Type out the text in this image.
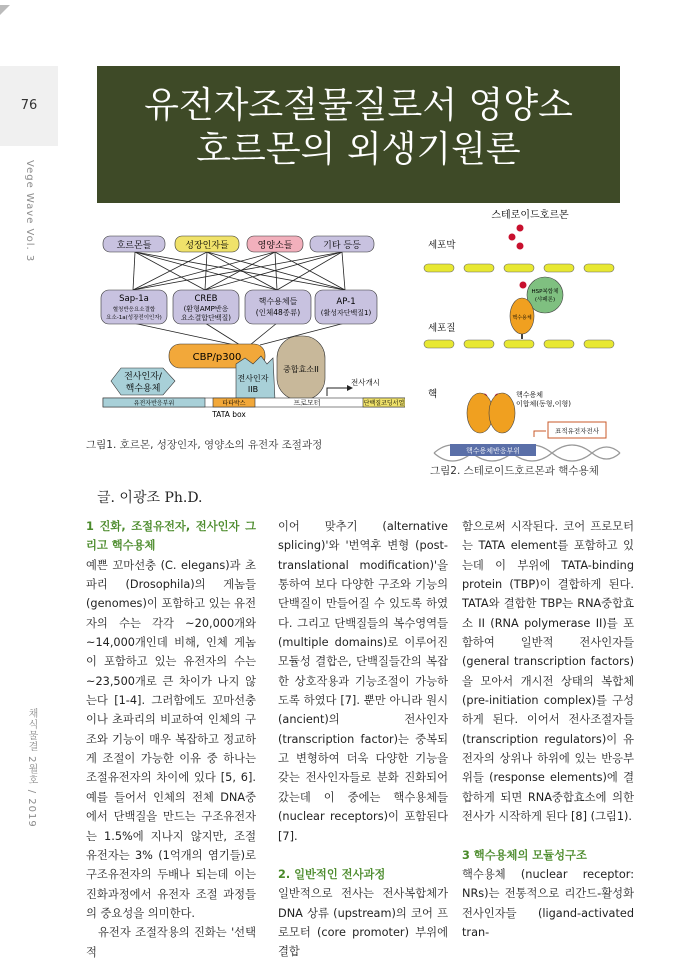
76
Vege Wave Vol. 3
채식물결 2월호 / 2019
유전자조절물질로서 영양소
호르몬의 외생기원론
호르몬들	성장인자들	영양소들	기타 등등
Sap-1a
혈청반응요소결합
요소-1a(성장전이인자)
CREB
(환형AMP반응
요소결합단백질)
핵수용체들
(인체48종류)
AP-1
(활성자단백질1)
CBP/p300
전사인자/
핵수용체
전사인자
IIB
중합효소II
전사개시
유전자반응부위	타타박스	프로모터	단백질코딩서열
TATA box
그림1. 호르몬, 성장인자, 영양소의 유전자 조절과정
스테로이드호르몬
세포막
HSP복합체
(샤페론)
핵수용체
세포질
핵	핵수용체
이합체(동형,이형)
핵수용체반응부위
표적유전자전사
그림2. 스테로이드호르몬과 핵수용체
글. 이광조 Ph.D.

1 진화, 조절유전자, 전사인자 그리고 핵수용체

예쁜 꼬마선충 (C. elegans)과 초파리 (Drosophila)의 게놈들 (genomes)이 포함하고 있는 유전자의 수는 각각 ~20,000개와 ~14,000개인데 비해, 인체 게놈이 포함하고 있는 유전자의 수는 ~23,500개로 큰 차이가 나지 않는다 [1-4]. 그러함에도 꼬마선충이나 초파리의 비교하여 인체의 구조와 기능이 매우 복잡하고 정교하게 조절이 가능한 이유 중 하나는 조절유전자의 차이에 있다 [5, 6]. 예를 들어서 인체의 전체 DNA중에서 단백질을 만드는 구조유전자는 1.5%에 지나지 않지만, 조절 유전자는 3% (1억개의 염기들)로 구조유전자의 두배나 되는데 이는 진화과정에서 유전자 조절 과정들의 중요성을 의미한다.

유전자 조절작용의 진화는 '선택적

이어 맞추기 (alternative splicing)'와 '번역후 변형 (post-translational modification)'을 통하여 보다 다양한 구조와 기능의 단백질이 만들어질 수 있도록 하였다. 그리고 단백질들의 복수영역들 (multiple domains)로 이루어진 모듈성 결합은, 단백질들간의 복잡한 상호작용과 기능조절이 가능하도록 하였다 [7]. 뿐만 아니라 원시 (ancient)의 전사인자 (transcription factor)는 중복되고 변형하여 더욱 다양한 기능을 갖는 전사인자들로 분화 진화되어 갔는데 이 중에는 핵수용체들 (nuclear receptors)이 포함된다 [7].

2. 일반적인 전사과정

일반적으로 전사는 전사복합체가 DNA 상류 (upstream)의 코어 프로모터 (core promoter) 부위에 결합

함으로써 시작된다. 코어 프로모터는 TATA element를 포함하고 있는데 이 부위에 TATA-binding protein (TBP)이 결합하게 된다. TATA와 결합한 TBP는 RNA중합효소 II (RNA polymerase II)를 포함하여 일반적 전사인자들 (general transcription factors)을 모아서 개시전 상태의 복합체 (pre-initiation complex)를 구성하게 된다. 이어서 전사조절자들 (transcription regulators)이 유전자의 상위나 하위에 있는 반응부위들 (response elements)에 결합하게 되면 RNA중합효소에 의한 전사가 시작하게 된다 [8] (그림1).

3 핵수용체의 모듈성구조

핵수용체 (nuclear receptor: NRs)는 전통적으로 리간드-활성화 전사인자들 (ligand-activated tran-
